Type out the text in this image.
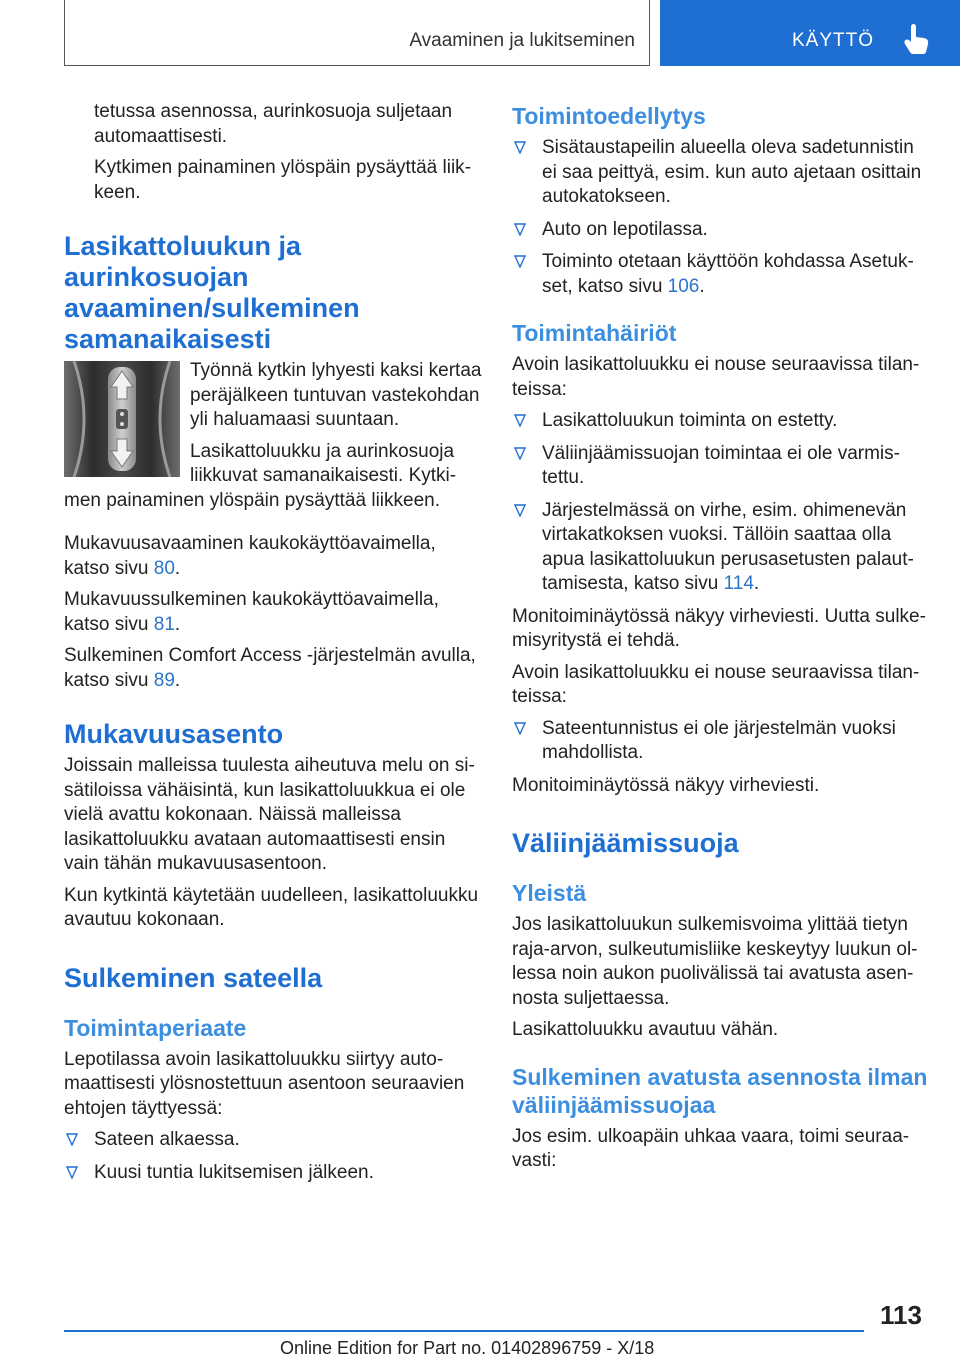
Avaaminen ja lukitseminen	KÄYTTÖ
tetussa asennossa, aurinkosuoja suljetaan automaattisesti.
Kytkimen painaminen ylöspäin pysäyttää liikkeen.
Lasikattoluukun ja aurinkosuojan avaaminen/sulkeminen samanaikaisesti
Työnnä kytkin lyhyesti kaksi kertaa peräjälkeen tuntuvan vastekohdan yli haluamaasi suuntaan.
Lasikattoluukku ja aurinkosuoja liikkuvat samanaikaisesti. Kytkimen painaminen ylöspäin pysäyttää liikkeen.
Mukavuusavaaminen kaukokäyttöavaimella, katso sivu 80.
Mukavuussulkeminen kaukokäyttöavaimella, katso sivu 81.
Sulkeminen Comfort Access ‑järjestelmän avulla, katso sivu 89.
Mukavuusasento
Joissain malleissa tuulesta aiheutuva melu on sisätiloissa vähäisintä, kun lasikattoluukkua ei ole vielä avattu kokonaan. Näissä malleissa lasikattoluukku avataan automaattisesti ensin vain tähän mukavuusasentoon.
Kun kytkintä käytetään uudelleen, lasikattoluukku avautuu kokonaan.
Sulkeminen sateella
Toimintaperiaate
Lepotilassa avoin lasikattoluukku siirtyy automaattisesti ylösnostettuun asentoon seuraavien ehtojen täyttyessä:
Sateen alkaessa.
Kuusi tuntia lukitsemisen jälkeen.
Toimintoedellytys
Sisätaustapeilin alueella oleva sadetunnistin ei saa peittyä, esim. kun auto ajetaan osittain autokatokseen.
Auto on lepotilassa.
Toiminto otetaan käyttöön kohdassa Asetukset, katso sivu 106.
Toimintahäiriöt
Avoin lasikattoluukku ei nouse seuraavissa tilanteissa:
Lasikattoluukun toiminta on estetty.
Väliinjäämissuojan toimintaa ei ole varmistettu.
Järjestelmässä on virhe, esim. ohimenevän virtakatkoksen vuoksi. Tällöin saattaa olla apua lasikattoluukun perusasetusten palauttamisesta, katso sivu 114.
Monitoiminäytössä näkyy virheviesti. Uutta sulkemisyritystä ei tehdä.
Avoin lasikattoluukku ei nouse seuraavissa tilanteissa:
Sateentunnistus ei ole järjestelmän vuoksi mahdollista.
Monitoiminäytössä näkyy virheviesti.
Väliinjäämissuoja
Yleistä
Jos lasikattoluukun sulkemisvoima ylittää tietyn raja-arvon, sulkeutumisliike keskeytyy luukun ollessa noin aukon puolivälissä tai avatusta asennosta suljettaessa.
Lasikattoluukku avautuu vähän.
Sulkeminen avatusta asennosta ilman väliinjäämissuojaa
Jos esim. ulkoapäin uhkaa vaara, toimi seuraavasti:
113
Online Edition for Part no. 01402896759 - X/18
